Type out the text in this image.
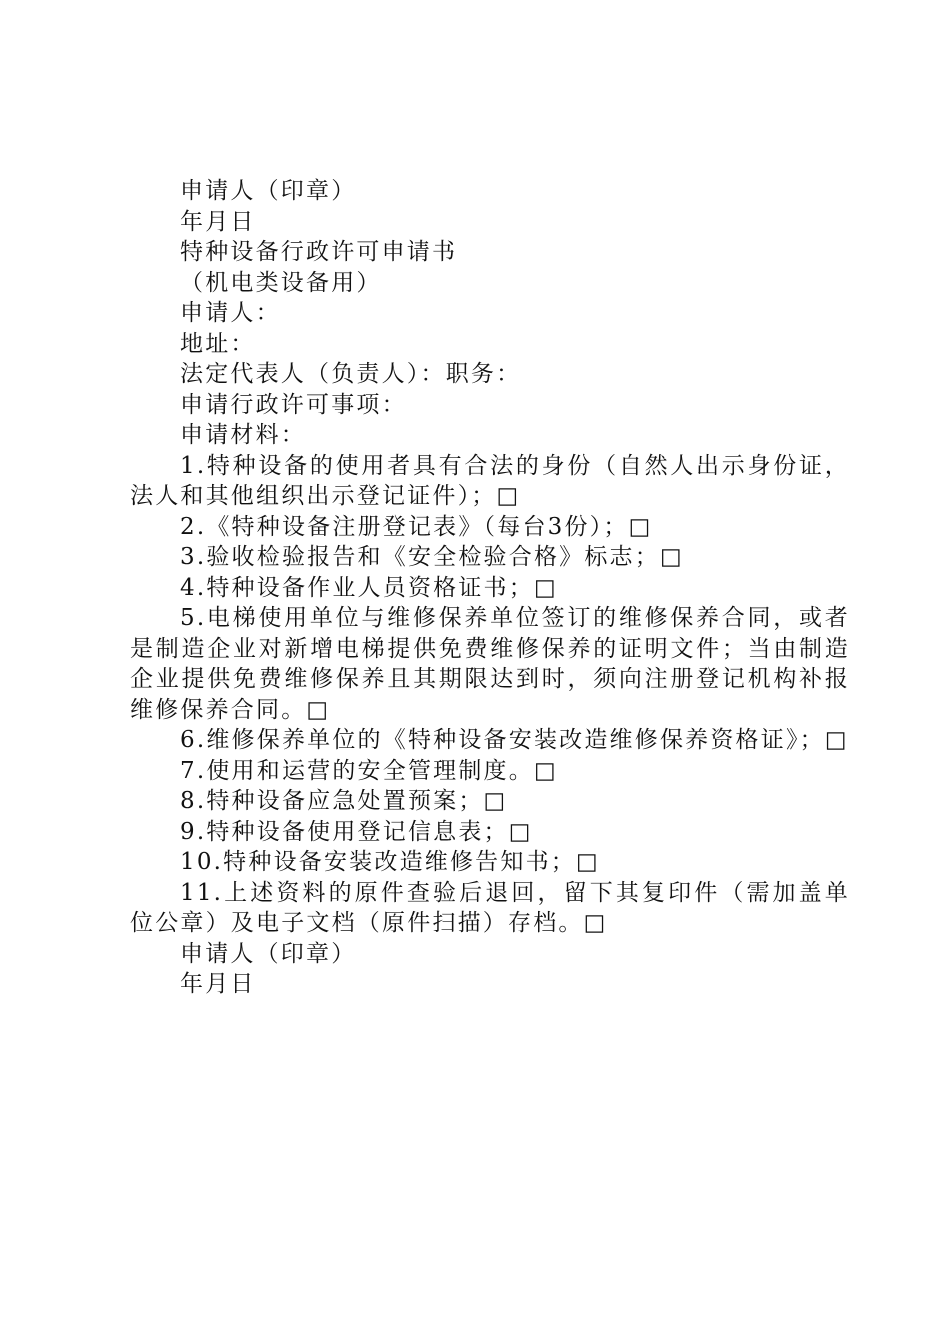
申请人（印章）
年月日
特种设备行政许可申请书
（机电类设备用）
申请人：
地址：
法定代表人（负责人）：职务：
申请行政许可事项：
申请材料：
1.特种设备的使用者具有合法的身份（自然人出示身份证，法人和其他组织出示登记证件）；□
2.《特种设备注册登记表》（每台3份）；□
3.验收检验报告和《安全检验合格》标志；□
4.特种设备作业人员资格证书；□
5.电梯使用单位与维修保养单位签订的维修保养合同，或者是制造企业对新增电梯提供免费维修保养的证明文件；当由制造企业提供免费维修保养且其期限达到时，须向注册登记机构补报维修保养合同。□
6.维修保养单位的《特种设备安装改造维修保养资格证》；□
7.使用和运营的安全管理制度。□
8.特种设备应急处置预案；□
9.特种设备使用登记信息表；□
10.特种设备安装改造维修告知书；□
11.上述资料的原件查验后退回，留下其复印件（需加盖单位公章）及电子文档（原件扫描）存档。□
申请人（印章）
年月日
